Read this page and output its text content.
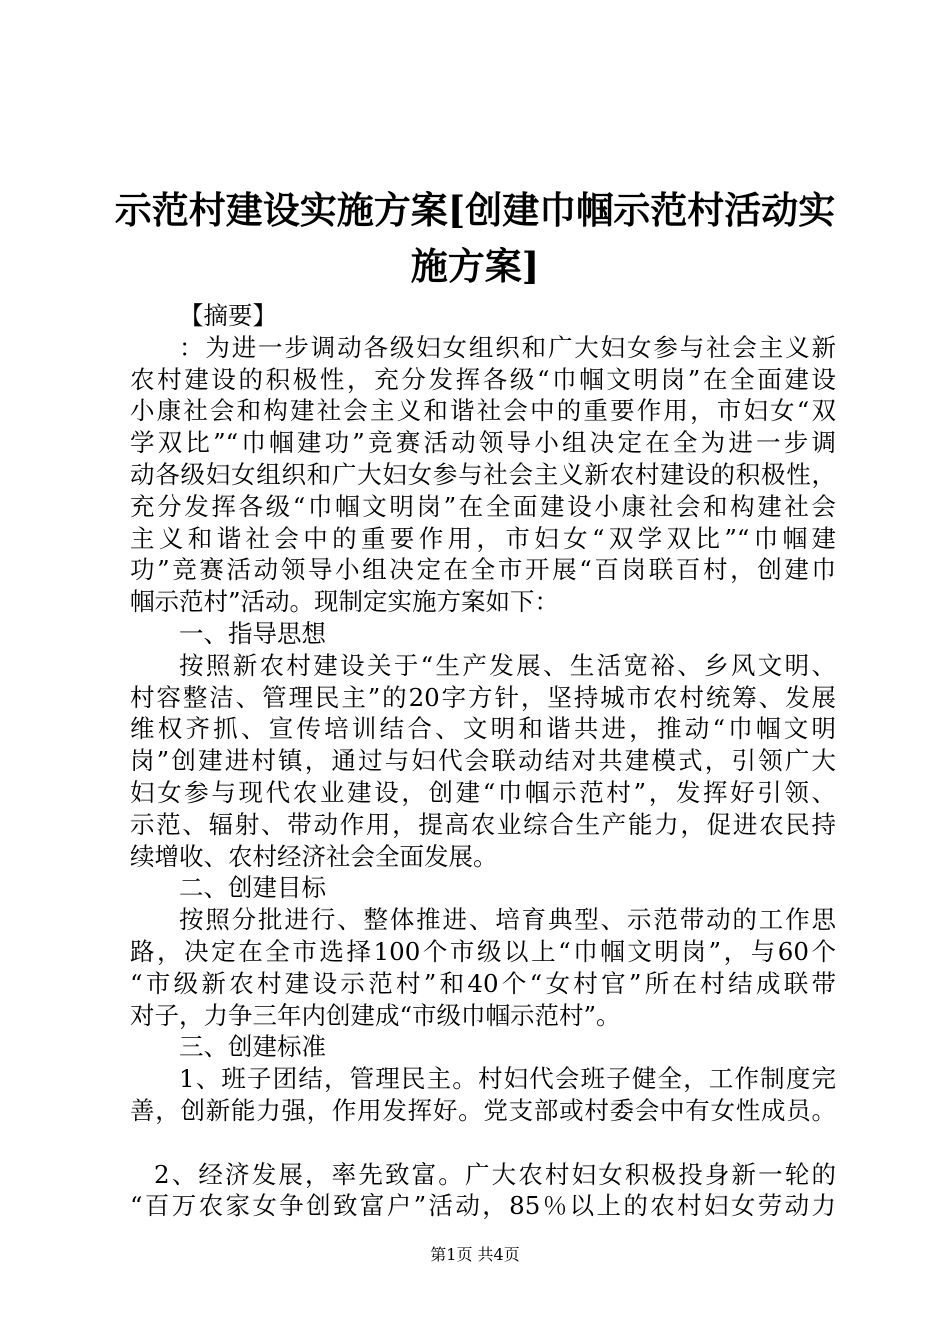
示范村建设实施方案[创建巾帼示范村活动实
施方案]
【摘要】
：为进一步调动各级妇女组织和广大妇女参与社会主义新
农村建设的积极性，充分发挥各级“巾帼文明岗”在全面建设
小康社会和构建社会主义和谐社会中的重要作用，市妇女“双
学双比”“巾帼建功”竞赛活动领导小组决定在全为进一步调
动各级妇女组织和广大妇女参与社会主义新农村建设的积极性，
充分发挥各级“巾帼文明岗”在全面建设小康社会和构建社会
主义和谐社会中的重要作用，市妇女“双学双比”“巾帼建
功”竞赛活动领导小组决定在全市开展“百岗联百村，创建巾
帼示范村”活动。现制定实施方案如下：
一、指导思想
按照新农村建设关于“生产发展、生活宽裕、乡风文明、
村容整洁、管理民主”的20字方针，坚持城市农村统筹、发展
维权齐抓、宣传培训结合、文明和谐共进，推动“巾帼文明
岗”创建进村镇，通过与妇代会联动结对共建模式，引领广大
妇女参与现代农业建设，创建“巾帼示范村”，发挥好引领、
示范、辐射、带动作用，提高农业综合生产能力，促进农民持
续增收、农村经济社会全面发展。
二、创建目标
按照分批进行、整体推进、培育典型、示范带动的工作思
路，决定在全市选择100个市级以上“巾帼文明岗”，与60个
“市级新农村建设示范村”和40个“女村官”所在村结成联带
对子，力争三年内创建成“市级巾帼示范村”。
三、创建标准
1、班子团结，管理民主。村妇代会班子健全，工作制度完
善，创新能力强，作用发挥好。党支部或村委会中有女性成员。
2、经济发展，率先致富。广大农村妇女积极投身新一轮的
“百万农家女争创致富户”活动，85％以上的农村妇女劳动力
第1页 共4页
